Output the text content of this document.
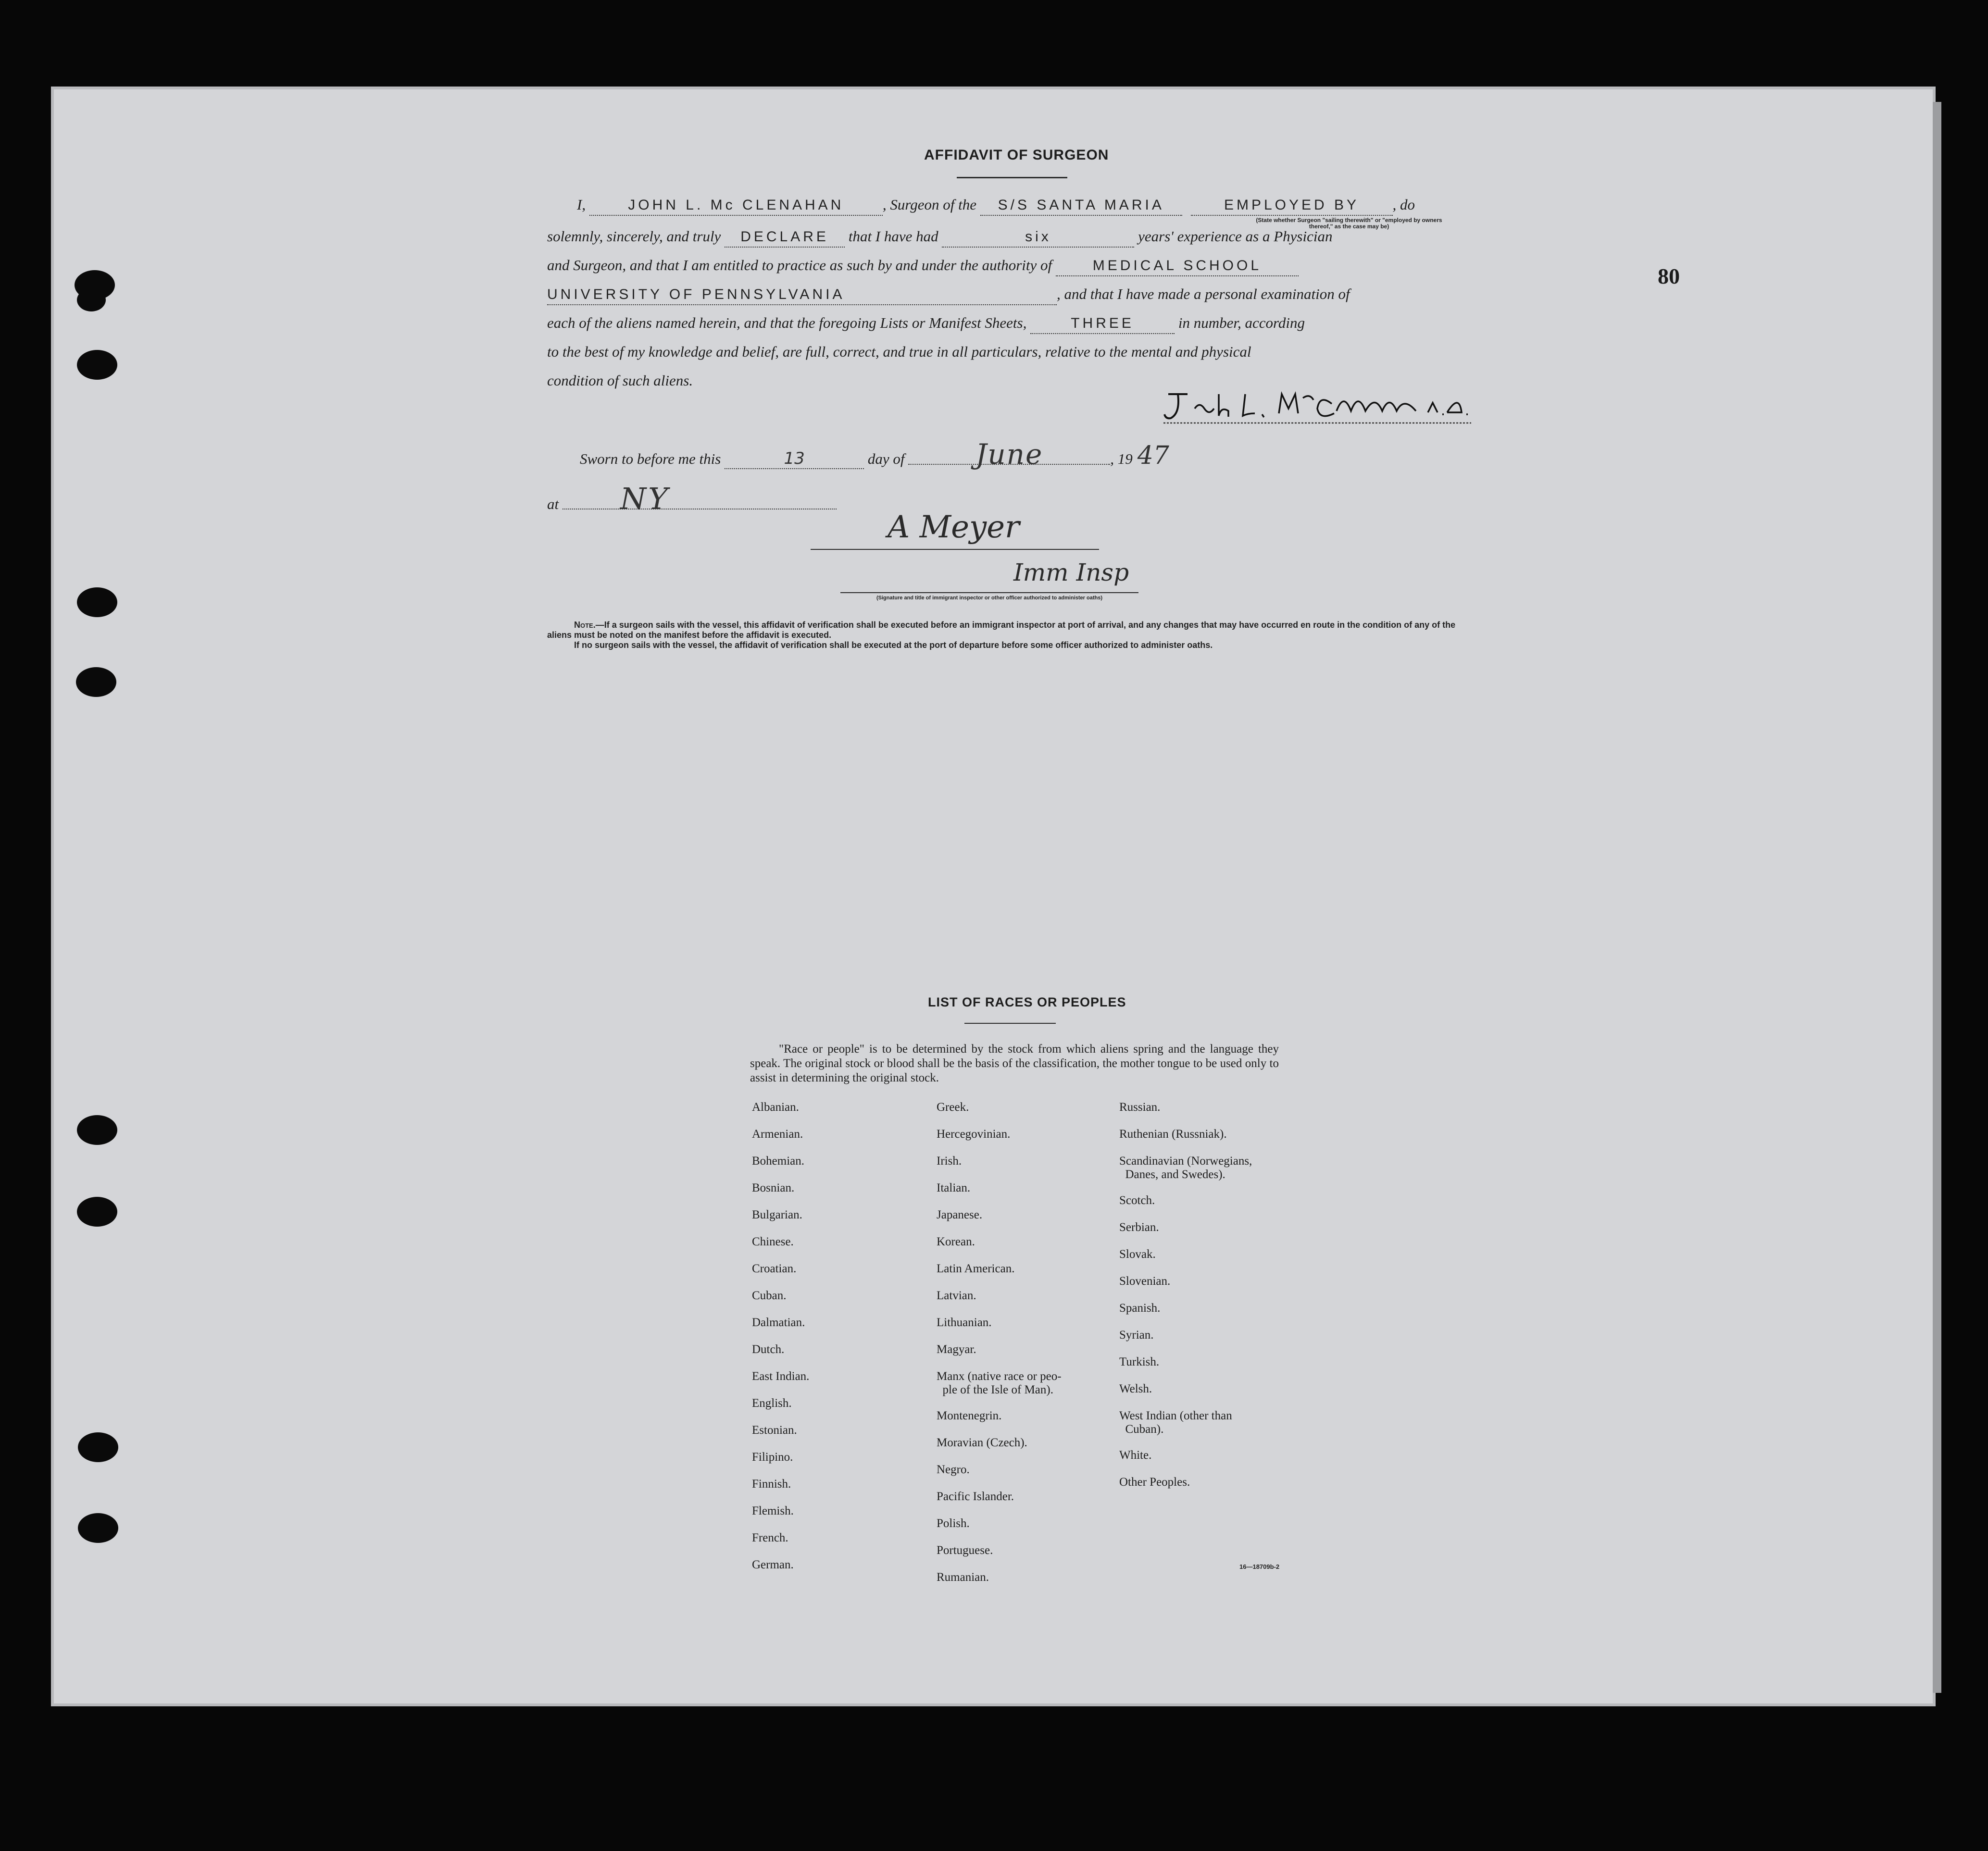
80
AFFIDAVIT OF SURGEON
I,	JOHN L. Mc CLENAHAN	, Surgeon of the S/S SANTA MARIA	EMPLOYED BY , do
(State whether Surgeon "sailing therewith" or "employed by owners thereof," as the case may be)
solemnly, sincerely, and truly DECLARE that I have had	six	years' experience as a Physician
and Surgeon, and that I am entitled to practice as such by and under the authority of	MEDICAL SCHOOL
UNIVERSITY OF PENNSYLVANIA	, and that I have made a personal examination of
each of the aliens named herein, and that the foregoing Lists or Manifest Sheets,	THREE	in number, according
to the best of my knowledge and belief, are full, correct, and true in all particulars, relative to the mental and physical
condition of such aliens.
Sworn to before me this	13	day of	June	, 19 47
at NY
A Meyer
Imm Insp
(Signature and title of immigrant inspector or other officer authorized to administer oaths)
Note.—If a surgeon sails with the vessel, this affidavit of verification shall be executed before an immigrant inspector at port of arrival, and any changes that may have occurred en route in the condition of any of the aliens must be noted on the manifest before the affidavit is executed.
If no surgeon sails with the vessel, the affidavit of verification shall be executed at the port of departure before some officer authorized to administer oaths.
LIST OF RACES OR PEOPLES
"Race or people" is to be determined by the stock from which aliens spring and the language they speak. The original stock or blood shall be the basis of the classification, the mother tongue to be used only to assist in determining the original stock.
Albanian.
Armenian.
Bohemian.
Bosnian.
Bulgarian.
Chinese.
Croatian.
Cuban.
Dalmatian.
Dutch.
East Indian.
English.
Estonian.
Filipino.
Finnish.
Flemish.
French.
German.
Greek.
Hercegovinian.
Irish.
Italian.
Japanese.
Korean.
Latin American.
Latvian.
Lithuanian.
Magyar.
Manx (native race or peo-
ple of the Isle of Man).
Montenegrin.
Moravian (Czech).
Negro.
Pacific Islander.
Polish.
Portuguese.
Rumanian.
Russian.
Ruthenian (Russniak).
Scandinavian (Norwegians,
Danes, and Swedes).
Scotch.
Serbian.
Slovak.
Slovenian.
Spanish.
Syrian.
Turkish.
Welsh.
West Indian (other than
Cuban).
White.
Other Peoples.
16—18709b-2
